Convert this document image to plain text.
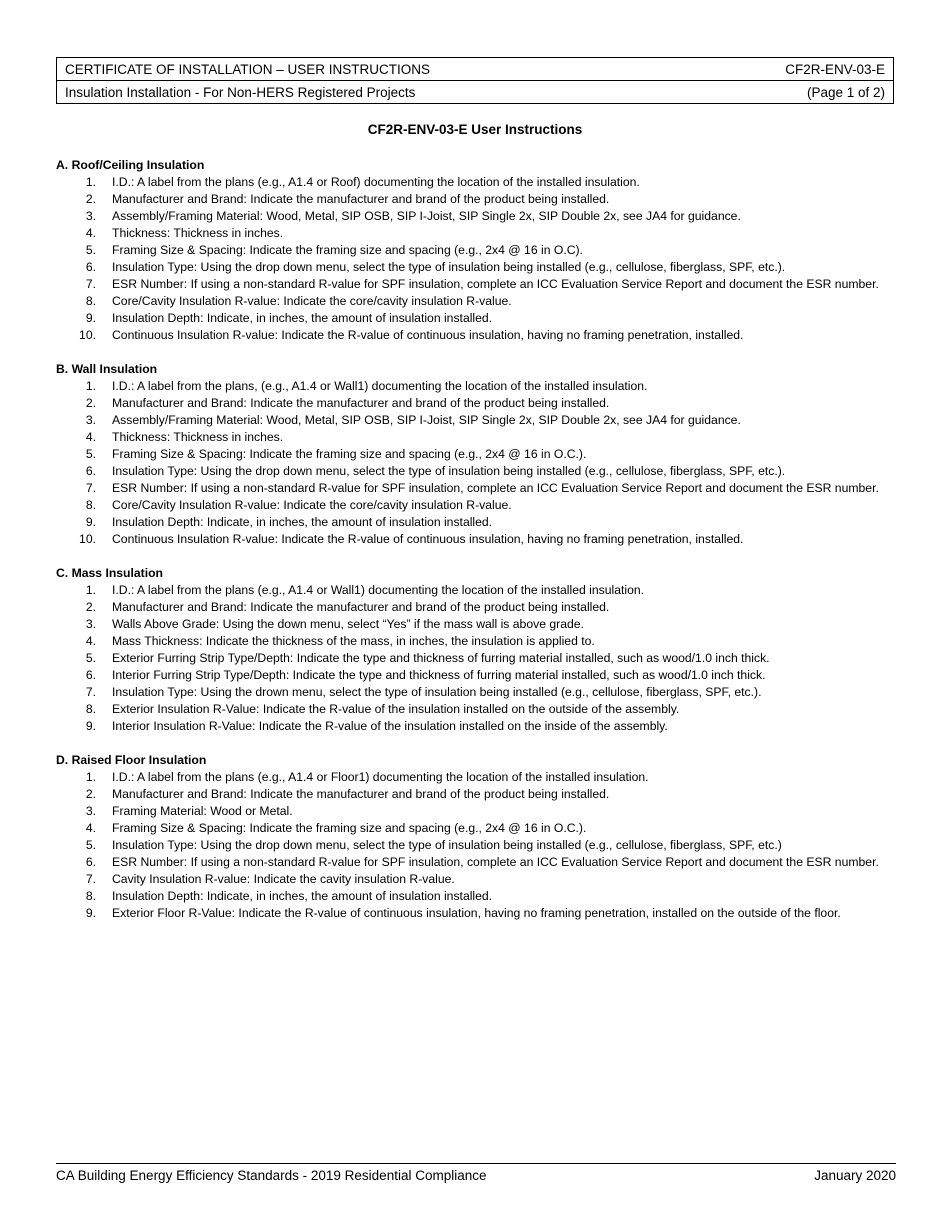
CERTIFICATE OF INSTALLATION – USER INSTRUCTIONS	CF2R-ENV-03-E
Insulation Installation - For Non-HERS Registered Projects	(Page 1 of 2)
CF2R-ENV-03-E User Instructions
A. Roof/Ceiling Insulation
1.	I.D.: A label from the plans (e.g., A1.4 or Roof) documenting the location of the installed insulation.
2.	Manufacturer and Brand: Indicate the manufacturer and brand of the product being installed.
3.	Assembly/Framing Material: Wood, Metal, SIP OSB, SIP I-Joist, SIP Single 2x, SIP Double 2x, see JA4 for guidance.
4.	Thickness: Thickness in inches.
5.	Framing Size & Spacing: Indicate the framing size and spacing (e.g., 2x4 @ 16 in O.C).
6.	Insulation Type: Using the drop down menu, select the type of insulation being installed (e.g., cellulose, fiberglass, SPF, etc.).
7.	ESR Number: If using a non-standard R-value for SPF insulation, complete an ICC Evaluation Service Report and document the ESR number.
8.	Core/Cavity Insulation R-value: Indicate the core/cavity insulation R-value.
9.	Insulation Depth: Indicate, in inches, the amount of insulation installed.
10.	Continuous Insulation R-value: Indicate the R-value of continuous insulation, having no framing penetration, installed.
B. Wall Insulation
1.	I.D.: A label from the plans, (e.g., A1.4 or Wall1) documenting the location of the installed insulation.
2.	Manufacturer and Brand: Indicate the manufacturer and brand of the product being installed.
3.	Assembly/Framing Material: Wood, Metal, SIP OSB, SIP I-Joist, SIP Single 2x, SIP Double 2x, see JA4 for guidance.
4.	Thickness: Thickness in inches.
5.	Framing Size & Spacing: Indicate the framing size and spacing (e.g., 2x4 @ 16 in O.C.).
6.	Insulation Type: Using the drop down menu, select the type of insulation being installed (e.g., cellulose, fiberglass, SPF, etc.).
7.	ESR Number: If using a non-standard R-value for SPF insulation, complete an ICC Evaluation Service Report and document the ESR number.
8.	Core/Cavity Insulation R-value: Indicate the core/cavity insulation R-value.
9.	Insulation Depth: Indicate, in inches, the amount of insulation installed.
10.	Continuous Insulation R-value: Indicate the R-value of continuous insulation, having no framing penetration, installed.
C. Mass Insulation
1.	I.D.: A label from the plans (e.g., A1.4 or Wall1) documenting the location of the installed insulation.
2.	Manufacturer and Brand: Indicate the manufacturer and brand of the product being installed.
3.	Walls Above Grade: Using the down menu, select “Yes” if the mass wall is above grade.
4.	Mass Thickness: Indicate the thickness of the mass, in inches, the insulation is applied to.
5.	Exterior Furring Strip Type/Depth: Indicate the type and thickness of furring material installed, such as wood/1.0 inch thick.
6.	Interior Furring Strip Type/Depth: Indicate the type and thickness of furring material installed, such as wood/1.0 inch thick.
7.	Insulation Type: Using the drown menu, select the type of insulation being installed (e.g., cellulose, fiberglass, SPF, etc.).
8.	Exterior Insulation R-Value: Indicate the R-value of the insulation installed on the outside of the assembly.
9.	Interior Insulation R-Value: Indicate the R-value of the insulation installed on the inside of the assembly.
D. Raised Floor Insulation
1.	I.D.: A label from the plans (e.g., A1.4 or Floor1) documenting the location of the installed insulation.
2.	Manufacturer and Brand: Indicate the manufacturer and brand of the product being installed.
3.	Framing Material: Wood or Metal.
4.	Framing Size & Spacing: Indicate the framing size and spacing (e.g., 2x4 @ 16 in O.C.).
5.	Insulation Type: Using the drop down menu, select the type of insulation being installed (e.g., cellulose, fiberglass, SPF, etc.)
6.	ESR Number: If using a non-standard R-value for SPF insulation, complete an ICC Evaluation Service Report and document the ESR number.
7.	Cavity Insulation R-value: Indicate the cavity insulation R-value.
8.	Insulation Depth: Indicate, in inches, the amount of insulation installed.
9.	Exterior Floor R-Value: Indicate the R-value of continuous insulation, having no framing penetration, installed on the outside of the floor.
CA Building Energy Efficiency Standards - 2019 Residential Compliance	January 2020
